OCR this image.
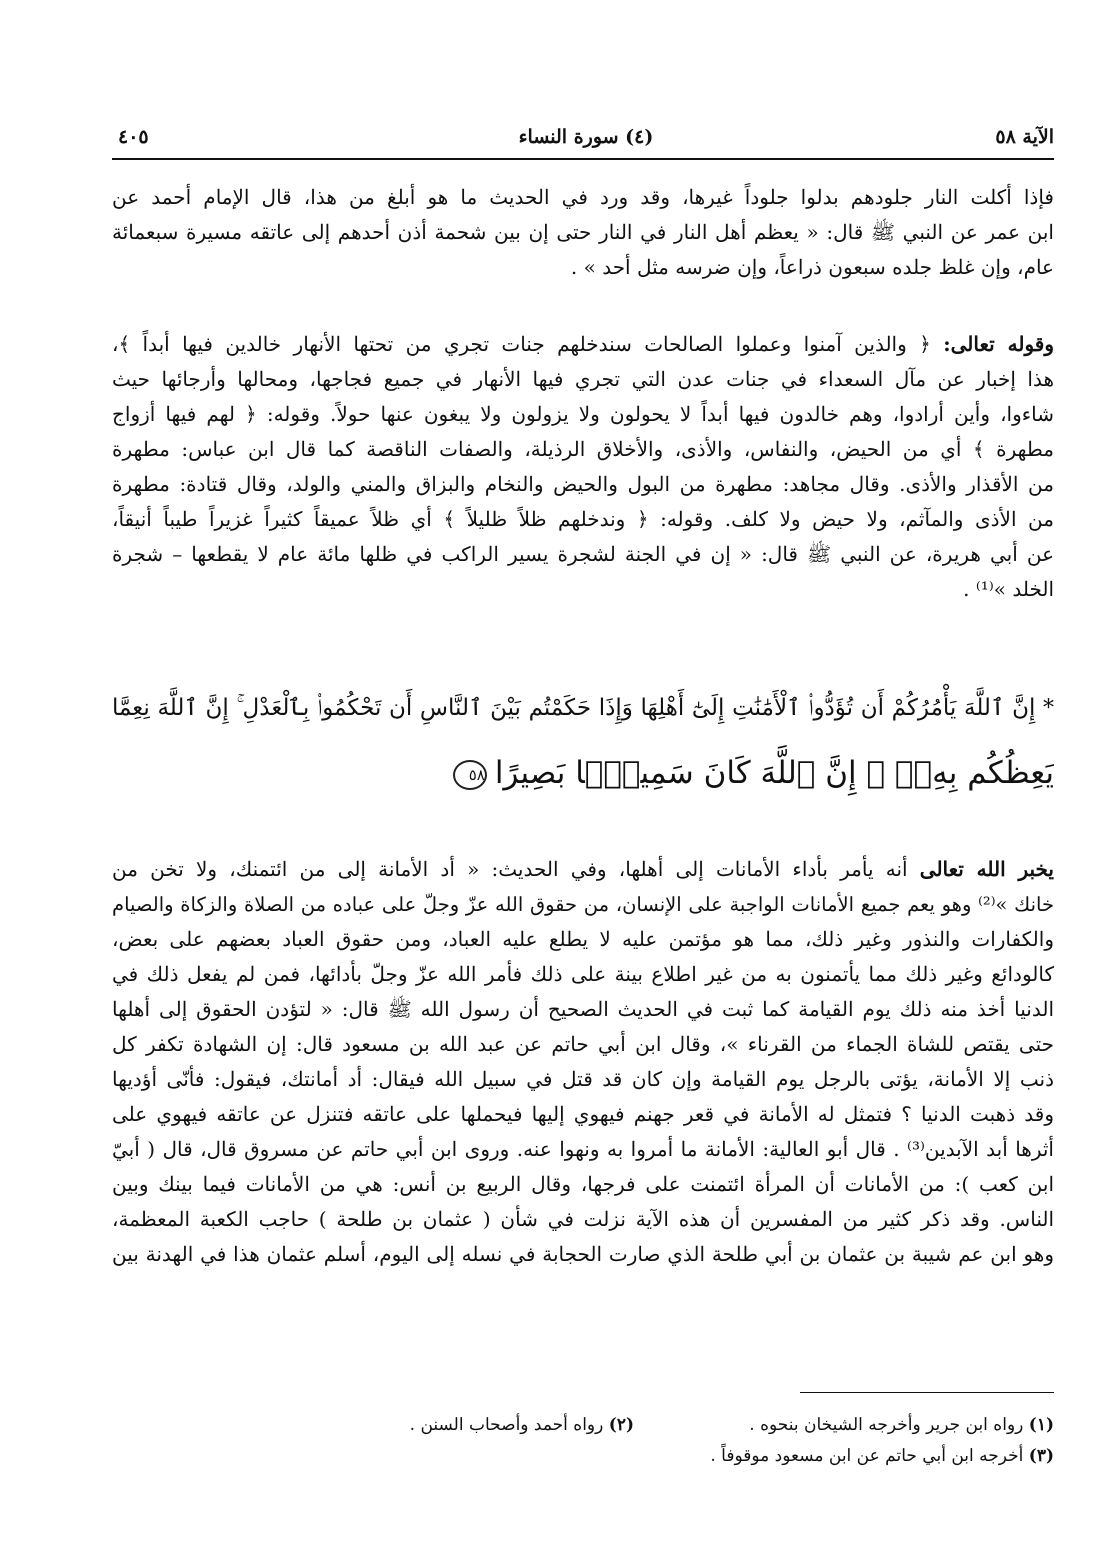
الآية ٥٨
(٤) سورة النساء
٤٠٥
فإذا أكلت النار جلودهم بدلوا جلوداً غيرها، وقد ورد في الحديث ما هو أبلغ من هذا، قال الإمام أحمد عن
ابن عمر عن النبي ﷺ قال: « يعظم أهل النار في النار حتى إن بين شحمة أذن أحدهم إلى عاتقه مسيرة سبعمائة
عام، وإن غلظ جلده سبعون ذراعاً، وإن ضرسه مثل أحد » .
وقوله تعالى: ﴿ والذين آمنوا وعملوا الصالحات سندخلهم جنات تجري من تحتها الأنهار خالدين فيها أبداً ﴾،
هذا إخبار عن مآل السعداء في جنات عدن التي تجري فيها الأنهار في جميع فجاجها، ومحالها وأرجائها حيث
شاءوا، وأين أرادوا، وهم خالدون فيها أبداً لا يحولون ولا يزولون ولا يبغون عنها حولاً. وقوله: ﴿ لهم فيها أزواج
مطهرة ﴾ أي من الحيض، والنفاس، والأذى، والأخلاق الرذيلة، والصفات الناقصة كما قال ابن عباس: مطهرة
من الأقذار والأذى. وقال مجاهد: مطهرة من البول والحيض والنخام والبزاق والمني والولد، وقال قتادة: مطهرة
من الأذى والمآثم، ولا حيض ولا كلف. وقوله: ﴿ وندخلهم ظلاً ظليلاً ﴾ أي ظلاً عميقاً كثيراً غزيراً طيباً أنيقاً،
عن أبي هريرة، عن النبي ﷺ قال: « إن في الجنة لشجرة يسير الراكب في ظلها مائة عام لا يقطعها – شجرة
الخلد »⁽¹⁾ .
* إِنَّ ٱللَّهَ يَأْمُرُكُمْ أَن تُؤَدُّوا۟ ٱلْأَمَٰنَٰتِ إِلَىٰٓ أَهْلِهَا وَإِذَا حَكَمْتُم بَيْنَ ٱلنَّاسِ أَن تَحْكُمُوا۟ بِٱلْعَدْلِ ۚ إِنَّ ٱللَّهَ نِعِمَّا
يَعِظُكُم بِهِۦٓ ۗ إِنَّ ٱللَّهَ كَانَ سَمِيعًۢا بَصِيرًا٥٨
يخبر الله تعالى أنه يأمر بأداء الأمانات إلى أهلها، وفي الحديث: « أد الأمانة إلى من ائتمنك، ولا تخن من
خانك »⁽²⁾ وهو يعم جميع الأمانات الواجبة على الإنسان، من حقوق الله عزّ وجلّ على عباده من الصلاة والزكاة والصيام
والكفارات والنذور وغير ذلك، مما هو مؤتمن عليه لا يطلع عليه العباد، ومن حقوق العباد بعضهم على بعض،
كالودائع وغير ذلك مما يأتمنون به من غير اطلاع بينة على ذلك فأمر الله عزّ وجلّ بأدائها، فمن لم يفعل ذلك في
الدنيا أخذ منه ذلك يوم القيامة كما ثبت في الحديث الصحيح أن رسول الله ﷺ قال: « لتؤدن الحقوق إلى أهلها
حتى يقتص للشاة الجماء من القرناء »، وقال ابن أبي حاتم عن عبد الله بن مسعود قال: إن الشهادة تكفر كل
ذنب إلا الأمانة، يؤتى بالرجل يوم القيامة وإن كان قد قتل في سبيل الله فيقال: أد أمانتك، فيقول: فأنّى أؤديها
وقد ذهبت الدنيا ؟ فتمثل له الأمانة في قعر جهنم فيهوي إليها فيحملها على عاتقه فتنزل عن عاتقه فيهوي على
أثرها أبد الآبدين⁽³⁾ . قال أبو العالية: الأمانة ما أمروا به ونهوا عنه. وروى ابن أبي حاتم عن مسروق قال، قال ( أبيّ
ابن كعب ): من الأمانات أن المرأة ائتمنت على فرجها، وقال الربيع بن أنس: هي من الأمانات فيما بينك وبين
الناس. وقد ذكر كثير من المفسرين أن هذه الآية نزلت في شأن ( عثمان بن طلحة ) حاجب الكعبة المعظمة،
وهو ابن عم شيبة بن عثمان بن أبي طلحة الذي صارت الحجابة في نسله إلى اليوم، أسلم عثمان هذا في الهدنة بين
(١) رواه ابن جرير وأخرجه الشيخان بنحوه .
(٢) رواه أحمد وأصحاب السنن .
(٣) أخرجه ابن أبي حاتم عن ابن مسعود موقوفاً .
